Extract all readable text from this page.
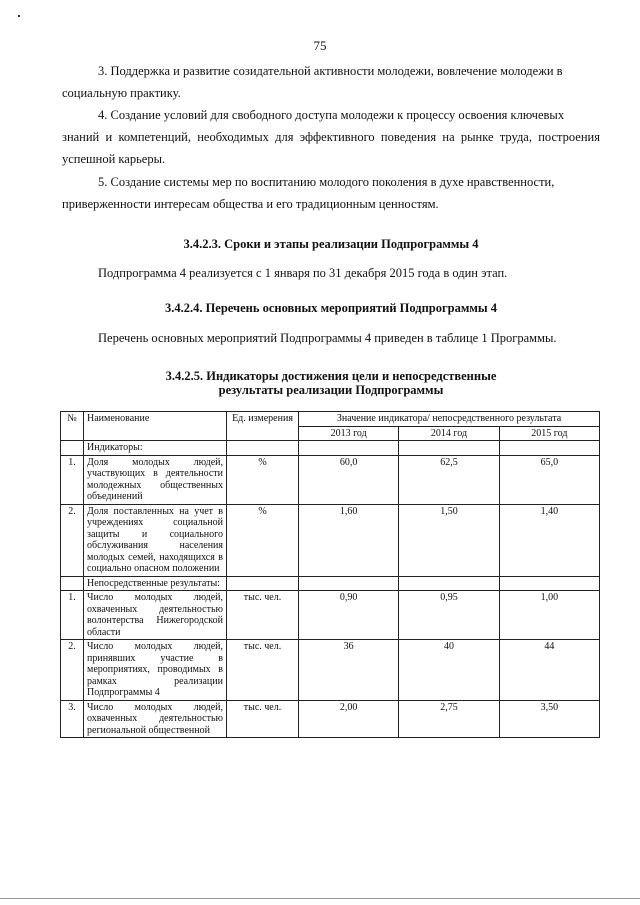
75
3. Поддержка и развитие созидательной активности молодежи, вовлечение молодежи в
социальную практику.
4. Создание условий для свободного доступа молодежи к процессу освоения ключевых
знаний и компетенций, необходимых для эффективного поведения на рынке труда, построения успешной карьеры.
5. Создание системы мер по воспитанию молодого поколения в духе нравственности,
приверженности интересам общества и его традиционным ценностям.
3.4.2.3. Сроки и этапы реализации Подпрограммы 4
Подпрограмма 4 реализуется с 1 января по 31 декабря 2015 года в один этап.
3.4.2.4. Перечень основных мероприятий Подпрограммы 4
Перечень основных мероприятий Подпрограммы 4 приведен в таблице 1 Программы.
3.4.2.5. Индикаторы достижения цели и непосредственные
результаты реализации Подпрограммы
№	Наименование	Ед. измерения	Значение индикатора/ непосредственного результата		
			2013 год	2014 год	2015 год
	Индикаторы:				
1.	Доля молодых людей, участвующих в деятельности молодежных общественных объединений	%	60,0	62,5	65,0
2.	Доля поставленных на учет в учреждениях социальной защиты и социального обслуживания населения молодых семей, находящихся в социально опасном положении	%	1,60	1,50	1,40
	Непосредственные результаты:				
1.	Число молодых людей, охваченных деятельностью волонтерства Нижегородской области	тыс. чел.	0,90	0,95	1,00
2.	Число молодых людей, принявших участие в мероприятиях, проводимых в рамках реализации Подпрограммы 4	тыс. чел.	36	40	44
3.	Число молодых людей, охваченных деятельностью региональной общественной	тыс. чел.	2,00	2,75	3,50
